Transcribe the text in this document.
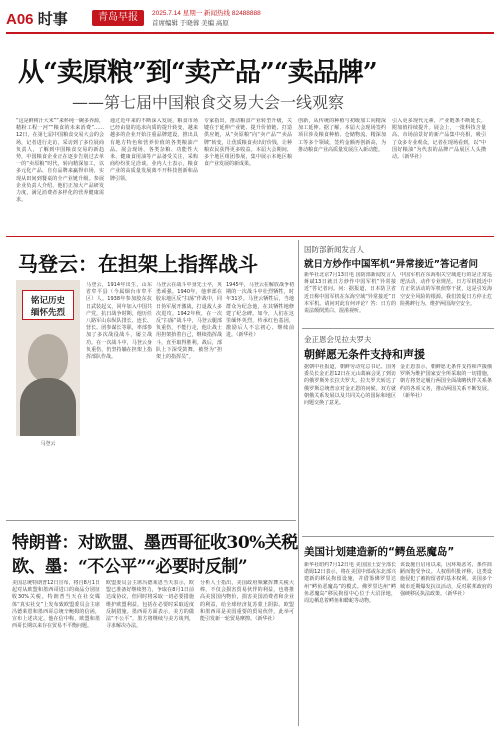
A06 时事	青岛早报	2025.7.14 星期一 新闻热线 82488888
首席编辑 于晓蓉 美编 高原
从“卖原粮”到“卖产品”“卖品牌”
——第七届中国粮食交易大会一线观察
“这是鲜树汁大米”“来杯纯一碗多养源，精粉工程一河”“粮食的未来消费”……12日，在第七届中国粮食交易大会的会场，记者进行走访，采访到了多位展商负责人，了解到中国粮食交易的新趋势，中国粮食企业正在逐步告别过去单一的“卖原粮”时代，转向精深加工，以多元化产品、自有品牌来赢得市场，实现从田间到餐桌的全产业链升级。参展企业负责人介绍，他们正加大产品研发力度，满足消费者多样化的营养健康需求。
通过近年来的不断深入发展，粮食市场已经由量的追求向质的提升转变，越来越多的企业开始注重品牌建设，推出具有地方特色和营养价值的各类粮油产品。展会现场，各类杂粮、功能性大米、健康食用油等产品备受关注，采购商纷纷驻足洽谈。业内人士表示，粮食产业的高质量发展离不开科技创新和品牌引领。
专家指出，推动粮食产业转型升级，关键在于延伸产业链、提升价值链、打造供应链，从“卖原粮”向“卖产品”“卖品牌”转变，让优质粮食卖出好价钱，让种粮农民获得更多收益。本届大会期间，多个地区组团参展，集中展示本地区粮食产业发展的新成果。
创新，从传统的种植与初级加工向精深加工延伸。据了解，本届大会现场签约项目涉及粮食种植、仓储物流、精深加工等多个领域，签约金额再创新高，为推动粮食产业高质量发展注入新动能。
引入更多现代元素，产业链条不断延长，附加值持续提升。展会上，一批科技含量高、市场前景好的新产品集中亮相，吸引了众多专业观众。记者在现场看到，以“中国好粮油”为代表的品牌产品展区人头攒动。（新华社）
马登云：在担架上指挥战斗
铭记历史
缅怀先烈
马登云
马登云，1914年出生，山东省牟平县（今属烟台市牟平区）人。1938年参加胶东抗日武装起义，同年加入中国共产党。抗日战争时期，他历任八路军山东纵队排长、连长、营长、团参谋长等职，率部参加了多次战役战斗，屡立战功。在一次战斗中，马登云身负重伤，仍坚持躺在担架上指挥部队作战。
马登云在战斗中身先士卒，英勇顽强。1940年，他率部在胶东地区反“扫荡”作战中，同日伪军展开激战，打退敌人多次进攻。1942年秋，在一次反“扫荡”战斗中，马登云腿部负重伤，不能行走，他让战士用担架抬着自己，继续指挥战斗，直至取得胜利。战后，部队上下深受鼓舞，被誉为“担架上的指挥员”。
1945年，马登云在解放战争初期的一次战斗中壮烈牺牲，时年31岁。马登云牺牲后，当地群众为纪念他，在其牺牲地修建了纪念碑。如今，人们在这里缅怀英烈，传承红色基因，激励后人不忘初心、继续前进。（新华社）
特朗普：对欧盟、墨西哥征收30%关税
欧、墨：“不公平”“必要时反制”
美国总统特朗普12日宣布，将自8月1日起对从欧盟和墨西哥进口的商品分别征收30%关税。特朗普当天在社交媒体“真实社交”上发布致欧盟委员会主席冯德莱恩和墨西哥总统辛鲍姆的信函，宣布上述决定。他在信中称，欧盟和墨西哥长期以来存在贸易不平衡问题。
欧盟委员会主席冯德莱恩当天表示，欧盟已准备好继续努力，争取在8月1日前达成协议，但同时将采取一切必要措施维护欧盟利益，包括在必要时采取适度反制措施。墨西哥方面表示，美方的做法“不公平”，墨方将继续与美方谈判，寻求解决办法。
分析人士指出，美国政府频繁挥舞关税大棒，不仅会损害贸易伙伴的利益，也将推高美国国内物价，损害美国消费者和企业的利益，给全球经济复苏蒙上阴影。欧盟和墨西哥是美国重要的贸易伙伴，此举可能引发新一轮贸易摩擦。（新华社）
国防部新闻发言人
就日方炒作中国军机“异常接近”答记者问
新华社北京7月13日电 国防部新闻发言人蒋斌13日就日方炒作中国军机“异常接近”答记者问。问：据报道，日本防卫省近日称中国军机在东海空域“异常接近”日本军机。请问对此有何评论？答：日方的说法颠倒黑白、混淆视听。
中国军机在东海相关空域进行的是正常巡逻活动，动作专业规范。日方军机抵近中方正常活动的军机侦察干扰，这是引发海空安全风险的根源。我们敦促日方停止危险挑衅行为，维护两国海空安全。
金正恩会见拉夫罗夫
朝鲜愿无条件支持和声援
据朝中社报道，朝鲜劳动党总书记、国务委员长金正恩12日在元山葛麻会见了到访的俄罗斯外长拉夫罗夫。拉夫罗夫转达了俄罗斯总统普京对金正恩的问候。双方就朝俄关系发展以及共同关心的国际和地区问题交换了意见。
金正恩表示，朝鲜愿无条件支持和声援俄罗斯为维护国家安全所采取的一切措施，朝方将坚定履行两国全面战略伙伴关系条约的各项义务，推动两国关系不断发展。（新华社）
美国计划建造新的“鳄鱼恶魔岛”
新华社纽约7月12日电 美国国土安全部长诺姆12日表示，将在美国中部或东北部兴建新的移民拘留设施，并借鉴佛罗里达州“鳄鱼恶魔岛”的模式。佛罗里达州“鳄鱼恶魔岛”移民拘留中心位于大沼泽地，周边栖息着鳄鱼和蟒蛇等动物。
该设施自启用以来，因环境恶劣、条件简陋而饱受争议。人权组织批评称，这类设施侵犯了被拘留者的基本权利。美国多个城市近期爆发抗议活动，反对联邦政府的强硬移民执法政策。（新华社）
